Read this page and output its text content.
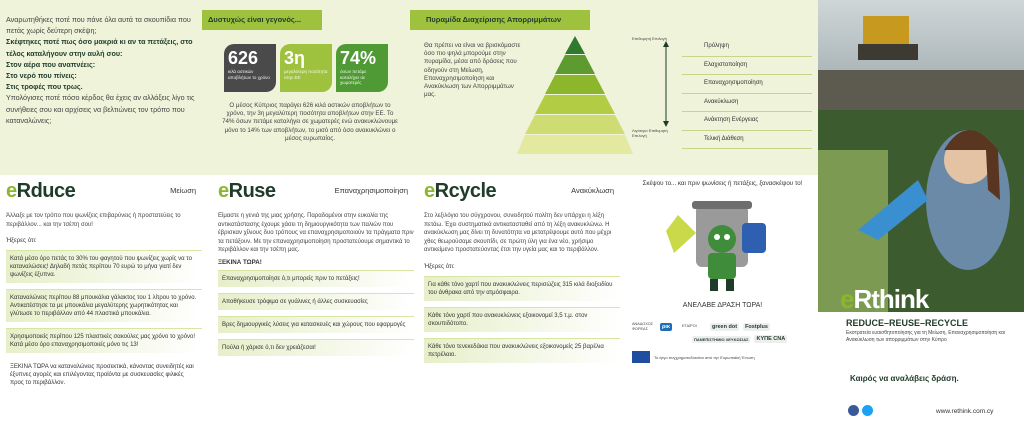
Αναρωτηθήκες ποτέ που πάνε όλα αυτά τα σκουπίδια που πετάς χωρίς δεύτερη σκέψη;
Σκέφτηκες ποτέ πως όσο μακριά κι αν τα πετάξεις, στο τέλος καταλήγουν στην αυλή σου:
Στον αέρα που αναπνέεις:
Στο νερό που πίνεις:
Στις τροφές που τρως.
Υπολόγισες ποτέ πόσο κέρδος θα έχεις αν αλλάξεις λίγο τις συνήθειες σου και αρχίσεις να βελτιώνεις τον τρόπο που καταναλώνεις;
Δυστυχώς είναι γεγονός...
626
κιλά αστικών αποβλήτων το χρόνο
3η
μεγαλύτερη ποσότητα στην ΕΕ
74%
όσων πετάμε καταλήγει σε χωματερές

Ο μέσος Κύπριος παράγει 626 κιλά αστικών αποβλήτων το χρόνο, την 3η μεγαλύτερη ποσότητα αποβλήτων στην ΕΕ. Το 74% όσων πετάμε καταλήγει σε χωματερές ενώ ανακυκλώνουμε μόνο το 14% των αποβλήτων, το μισό από όσο ανακυκλώνει ο μέσος ευρωπαίος.

Πυραμίδα Διαχείρισης Απορριμμάτων
Θα πρέπει να είναι να βρισκόμαστε όσο πιο ψηλά μπορούμε στην πυραμίδα, μέσα από δράσεις που οδηγούν στη Μείωση, Επαναχρησιμοποίηση και Ανακύκλωση των Απορριμμάτων μας.
Επιθυμητή Επιλογή
Λιγότερο Επιθυμητή Επιλογή
Πρόληψη
Ελαχιστοποίηση
Επαναχρησιμοποίηση
Ανακύκλωση
Ανάκτηση Ενέργειας
Τελική Διάθεση
eRduce	Μείωση
Άλλαξε με τον τρόπο που ψωνίζεις επιβαρύνεις ή προστατεύεις το περιβάλλον... και την τσέπη σου!
Ήξερες ότι:
Κατά μέσο όρο πετάς το 30% του φαγητού που ψωνίζεις χωρίς να το καταναλώσεις! Δηλαδή πετάς περίπου 70 ευρώ το μήνα γιατί δεν ψωνίζεις έξυπνα.
Καταναλώνεις περίπου 88 μπουκάλια γάλακτος του 1 λίτρου το χρόνο. Αντικατέστησε τα με μπουκάλια μεγαλύτερης χωρητικότητας και γλύτωσε το περιβάλλον από 44 πλαστικά μπουκάλια.
Χρησιμοποιείς περίπου 125 πλαστικές σακούλες μας χρόνο το χρόνο! Κατά μέσο όρο επαναχρησιμοποιείς μόνο τις 13!
ΞΕΚΙΝΑ ΤΩΡΑ να καταναλώνεις προσεκτικά, κάνοντας συνειδητές και έξυπνες αγορές και επιλέγοντας προϊόντα με συσκευασίες φιλικές προς το περιβάλλον.
eRuse	Επαναχρησιμοποίηση
Είμαστε η γενιά της μιας χρήσης. Παραδομένοι στην ευκολία της αντικατάστασης έχουμε χάσει τη δημιουργικότητα των παλιών που έβρισκαν χίλιους δυο τρόπους να επαναχρησιμοποιούν τα πράγματα πριν τα πετάξουν. Με την επαναχρησιμοποίηση προστατεύουμε σημαντικά το περιβάλλον και την τσέπη μας.
ΞΕΚΙΝΑ ΤΩΡΑ!
Επαναχρησιμοποίησε ό,τι μπορείς πριν το πετάξεις!
Αποθήκευσε τρόφιμα σε γυάλινες ή άλλες συσκευασίες
Βρες δημιουργικές λύσεις για κατασκευές και χώρους που εφαρμογές
Πούλα ή χάρισε ό,τι δεν χρειάζεσαι!
eRcycle	Ανακύκλωση
Στο λεξιλόγιο του σύγχρονου, συνειδητού πολίτη δεν υπάρχει η λέξη πετάω. Έχει συστηματικά αντικατασταθεί από τη λέξη ανακυκλώνω. Η ανακύκλωση μας δίνει τη δυνατότητα να μετατρέψουμε αυτό που μέχρι χθες θεωρούσαμε σκουπίδι, σε πρώτη ύλη για ένα νέο, χρήσιμο αντικείμενο προστατεύοντας έτσι την υγεία μας και το περιβάλλον.
Ήξερες ότι:
Για κάθε τόνο χαρτί που ανακυκλώνεις περισώζεις 315 κιλά διοξειδίου του άνθρακα από την ατμόσφαιρα.
Κάθε τόνο χαρτί που ανακυκλώνεις εξοικονομεί 3,5 τ.μ. στον σκουπιδότοπο.
Κάθε τόνο τενεκεδάκια που ανακυκλώνεις εξοικονομείς 25 βαρέλια πετρέλαιο.
Σκέψου το... και πριν ψωνίσεις ή πετάξεις, ξανασκέψου το!
ΑΝΕΛΑΒΕ ΔΡΑΣΗ ΤΩΡΑ!
ΑΝΑΔΟΧΟΣ ΦΟΡΕΑΣ	ρικ	ΕΤΑΙΡΟΙ	green dot	Fostplus
ΠΑΝΕΠΙΣΤΗΜΙΟ ΛΕΥΚΩΣΙΑΣ	ΚΥΠΕ CNA
Το έργο συγχρηματοδοτείται από την Ευρωπαϊκή Ένωση
eRthink
REDUCE–REUSE–RECYCLE
Εκστρατεία ευαισθητοποίησης για τη Μείωση, Επαναχρησιμοποίηση και Ανακύκλωση των απορριμμάτων στην Κύπρο
Καιρός να αναλάβεις δράση.
www.rethink.com.cy
